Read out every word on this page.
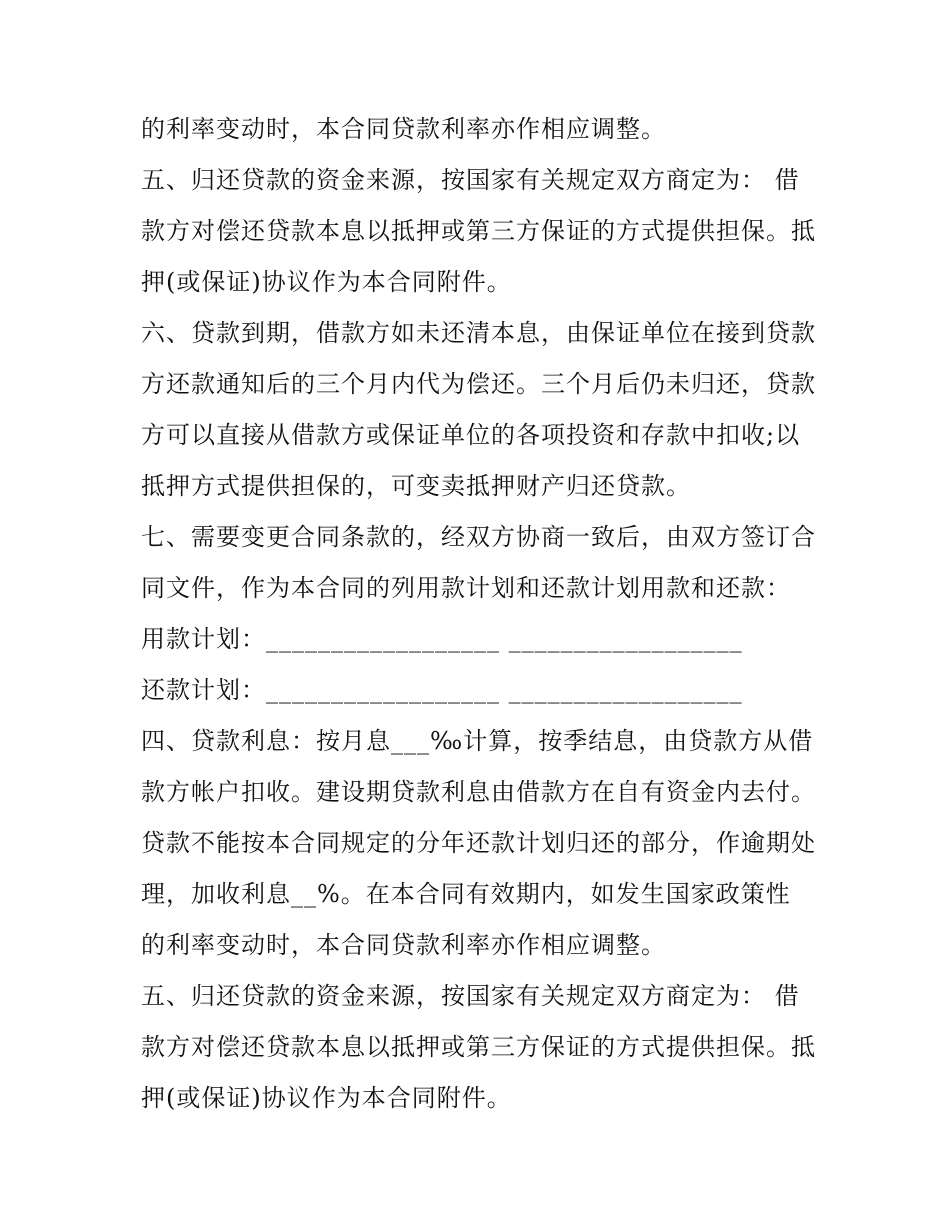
的利率变动时，本合同贷款利率亦作相应调整。
五、归还贷款的资金来源，按国家有关规定双方商定为： 借
款方对偿还贷款本息以抵押或第三方保证的方式提供担保。抵
押(或保证)协议作为本合同附件。
六、贷款到期，借款方如未还清本息，由保证单位在接到贷款
方还款通知后的三个月内代为偿还。三个月后仍未归还，贷款
方可以直接从借款方或保证单位的各项投资和存款中扣收;以
抵押方式提供担保的，可变卖抵押财产归还贷款。
七、需要变更合同条款的，经双方协商一致后，由双方签订合
同文件，作为本合同的列用款计划和还款计划用款和还款：
用款计划：__________________ __________________
还款计划：__________________ __________________
四、贷款利息：按月息___‰计算，按季结息，由贷款方从借
款方帐户扣收。建设期贷款利息由借款方在自有资金内去付。
贷款不能按本合同规定的分年还款计划归还的部分，作逾期处
理，加收利息__%。在本合同有效期内，如发生国家政策性
的利率变动时，本合同贷款利率亦作相应调整。
五、归还贷款的资金来源，按国家有关规定双方商定为： 借
款方对偿还贷款本息以抵押或第三方保证的方式提供担保。抵
押(或保证)协议作为本合同附件。
